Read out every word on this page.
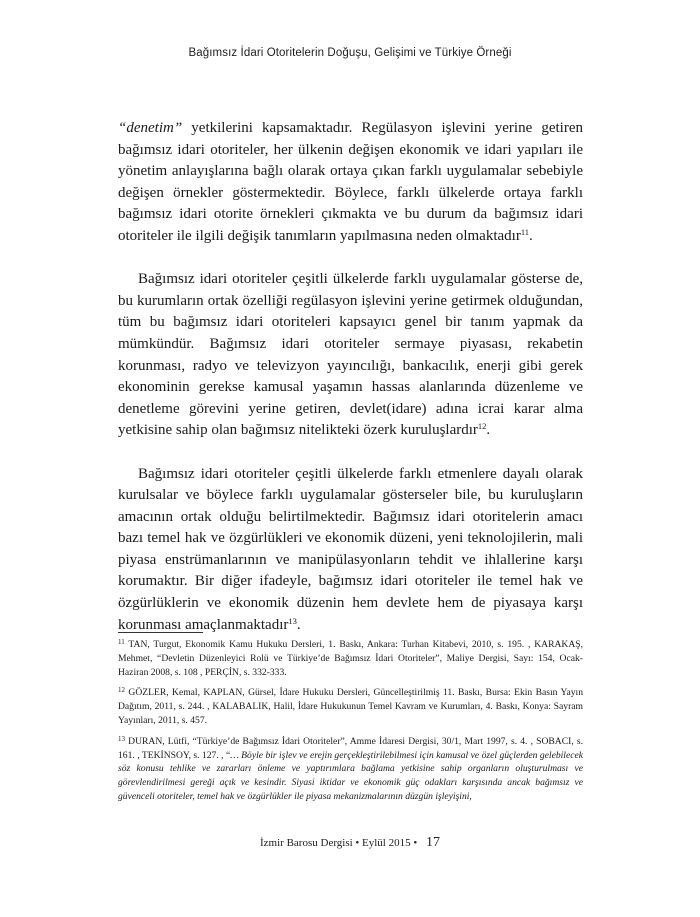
Bağımsız İdari Otoritelerin Doğuşu, Gelişimi ve Türkiye Örneği

“denetim” yetkilerini kapsamaktadır. Regülasyon işlevini yerine getiren bağımsız idari otoriteler, her ülkenin değişen ekonomik ve idari yapıları ile yönetim anlayışlarına bağlı olarak ortaya çıkan farklı uygulamalar sebebiyle değişen örnekler göstermektedir. Böylece, farklı ülkelerde ortaya farklı bağımsız idari otorite örnekleri çıkmakta ve bu durum da bağımsız idari otoriteler ile ilgili değişik tanımların yapılmasına neden olmaktadır$^{11}$.

Bağımsız idari otoriteler çeşitli ülkelerde farklı uygulamalar gösterse de, bu kurumların ortak özelliği regülasyon işlevini yerine getirmek olduğundan, tüm bu bağımsız idari otoriteleri kapsayıcı genel bir tanım yapmak da mümkündür. Bağımsız idari otoriteler sermaye piyasası, rekabetin korunması, radyo ve televizyon yayıncılığı, bankacılık, enerji gibi gerek ekonominin gerekse kamusal yaşamın hassas alanlarında düzenleme ve denetleme görevini yerine getiren, devlet(idare) adına icrai karar alma yetkisine sahip olan bağımsız nitelikteki özerk kuruluşlardır$^{12}$.

Bağımsız idari otoriteler çeşitli ülkelerde farklı etmenlere dayalı olarak kurulsalar ve böylece farklı uygulamalar gösterseler bile, bu kuruluşların amacının ortak olduğu belirtilmektedir. Bağımsız idari otoritelerin amacı bazı temel hak ve özgürlükleri ve ekonomik düzeni, yeni teknolojilerin, mali piyasa enstrümanlarının ve manipülasyonların tehdit ve ihlallerine karşı korumaktır. Bir diğer ifadeyle, bağımsız idari otoriteler ile temel hak ve özgürlüklerin ve ekonomik düzenin hem devlete hem de piyasaya karşı korunması amaçlanmaktadır$^{13}$.

$^{11}$ TAN, Turgut, Ekonomik Kamu Hukuku Dersleri, 1. Baskı, Ankara: Turhan Kitabevi, 2010, s. 195. , KARAKAŞ, Mehmet, “Devletin Düzenleyici Rolü ve Türkiye’de Bağımsız İdari Otoriteler”, Maliye Dergisi, Sayı: 154, Ocak-Haziran 2008, s. 108 , PERÇİN, s. 332-333.

$^{12}$ GÖZLER, Kemal, KAPLAN, Gürsel, İdare Hukuku Dersleri, Güncelleştirilmiş 11. Baskı, Bursa: Ekin Basın Yayın Dağıtım, 2011, s. 244. , KALABALIK, Halil, İdare Hukukunun Temel Kavram ve Kurumları, 4. Baskı, Konya: Sayram Yayınları, 2011, s. 457.

$^{13}$ DURAN, Lütfi, “Türkiye’de Bağımsız İdari Otoriteler”, Amme İdaresi Dergisi, 30/1, Mart 1997, s. 4. , SOBACI, s. 161. , TEKİNSOY, s. 127. , “… Böyle bir işlev ve erejin gerçekleştirilebilmesi için kamusal ve özel güçlerden gelebilecek söz konusu tehlike ve zararları önleme ve yaptırımlara bağlama yetkisine sahip organların oluşturulması ve görevlendirilmesi gereği açık ve kesindir. Siyasi iktidar ve ekonomik güç odakları karşısında ancak bağımsız ve güvenceli otoriteler, temel hak ve özgürlükler ile piyasa mekanizmalarının düzgün işleyişini,

İzmir Barosu Dergisi • Eylül 2015 • 17
